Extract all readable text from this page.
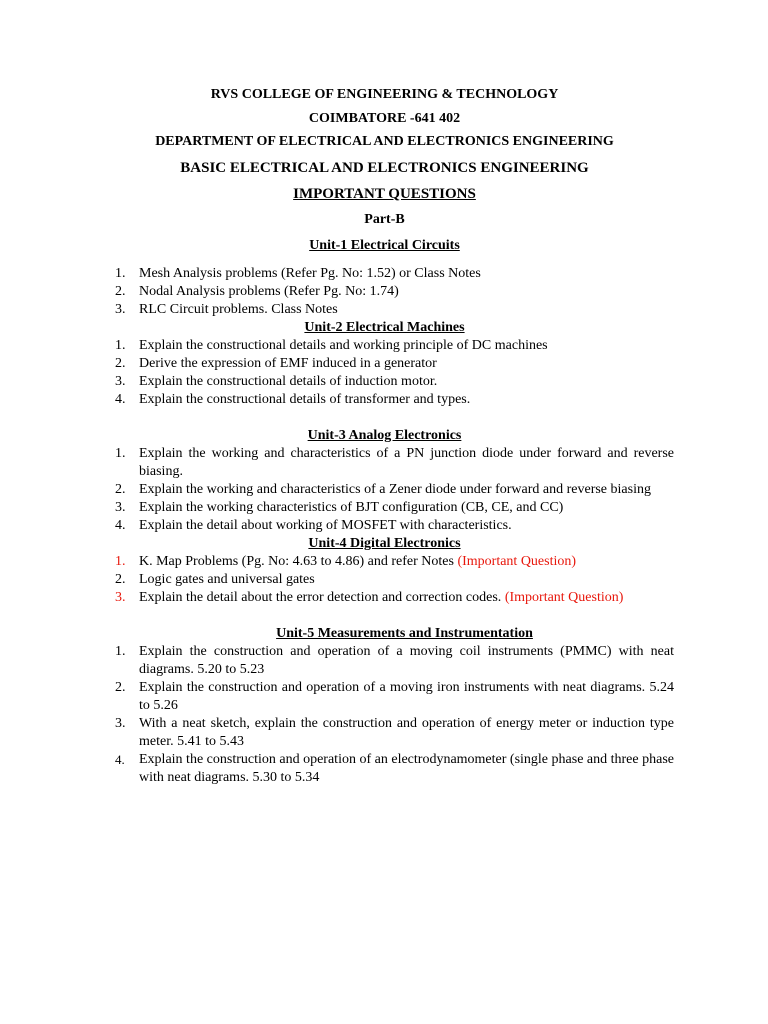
RVS COLLEGE OF ENGINEERING & TECHNOLOGY
COIMBATORE -641 402
DEPARTMENT OF ELECTRICAL AND ELECTRONICS ENGINEERING
BASIC ELECTRICAL AND ELECTRONICS ENGINEERING
IMPORTANT QUESTIONS
Part-B
Unit-1 Electrical Circuits
1. Mesh Analysis problems (Refer Pg. No: 1.52) or Class Notes
2. Nodal Analysis problems (Refer Pg. No: 1.74)
3. RLC Circuit problems. Class Notes
Unit-2 Electrical Machines
1. Explain the constructional details and working principle of DC machines
2. Derive the expression of EMF induced in a generator
3. Explain the constructional details of induction motor.
4. Explain the constructional details of transformer and types.
Unit-3 Analog Electronics
1. Explain the working and characteristics of a PN junction diode under forward and reverse biasing.
2. Explain the working and characteristics of a Zener diode under forward and reverse biasing
3. Explain the working characteristics of BJT configuration (CB, CE, and CC)
4. Explain the detail about working of MOSFET with characteristics.
Unit-4 Digital Electronics
1. K. Map Problems (Pg. No: 4.63 to 4.86) and refer Notes (Important Question)
2. Logic gates and universal gates
3. Explain the detail about the error detection and correction codes. (Important Question)
Unit-5 Measurements and Instrumentation
1. Explain the construction and operation of a moving coil instruments (PMMC) with neat diagrams. 5.20 to 5.23
2. Explain the construction and operation of a moving iron instruments with neat diagrams. 5.24 to 5.26
3. With a neat sketch, explain the construction and operation of energy meter or induction type meter. 5.41 to 5.43
4.	Explain the construction and operation of an electrodynamometer (single phase and three phase with neat diagrams. 5.30 to 5.34
